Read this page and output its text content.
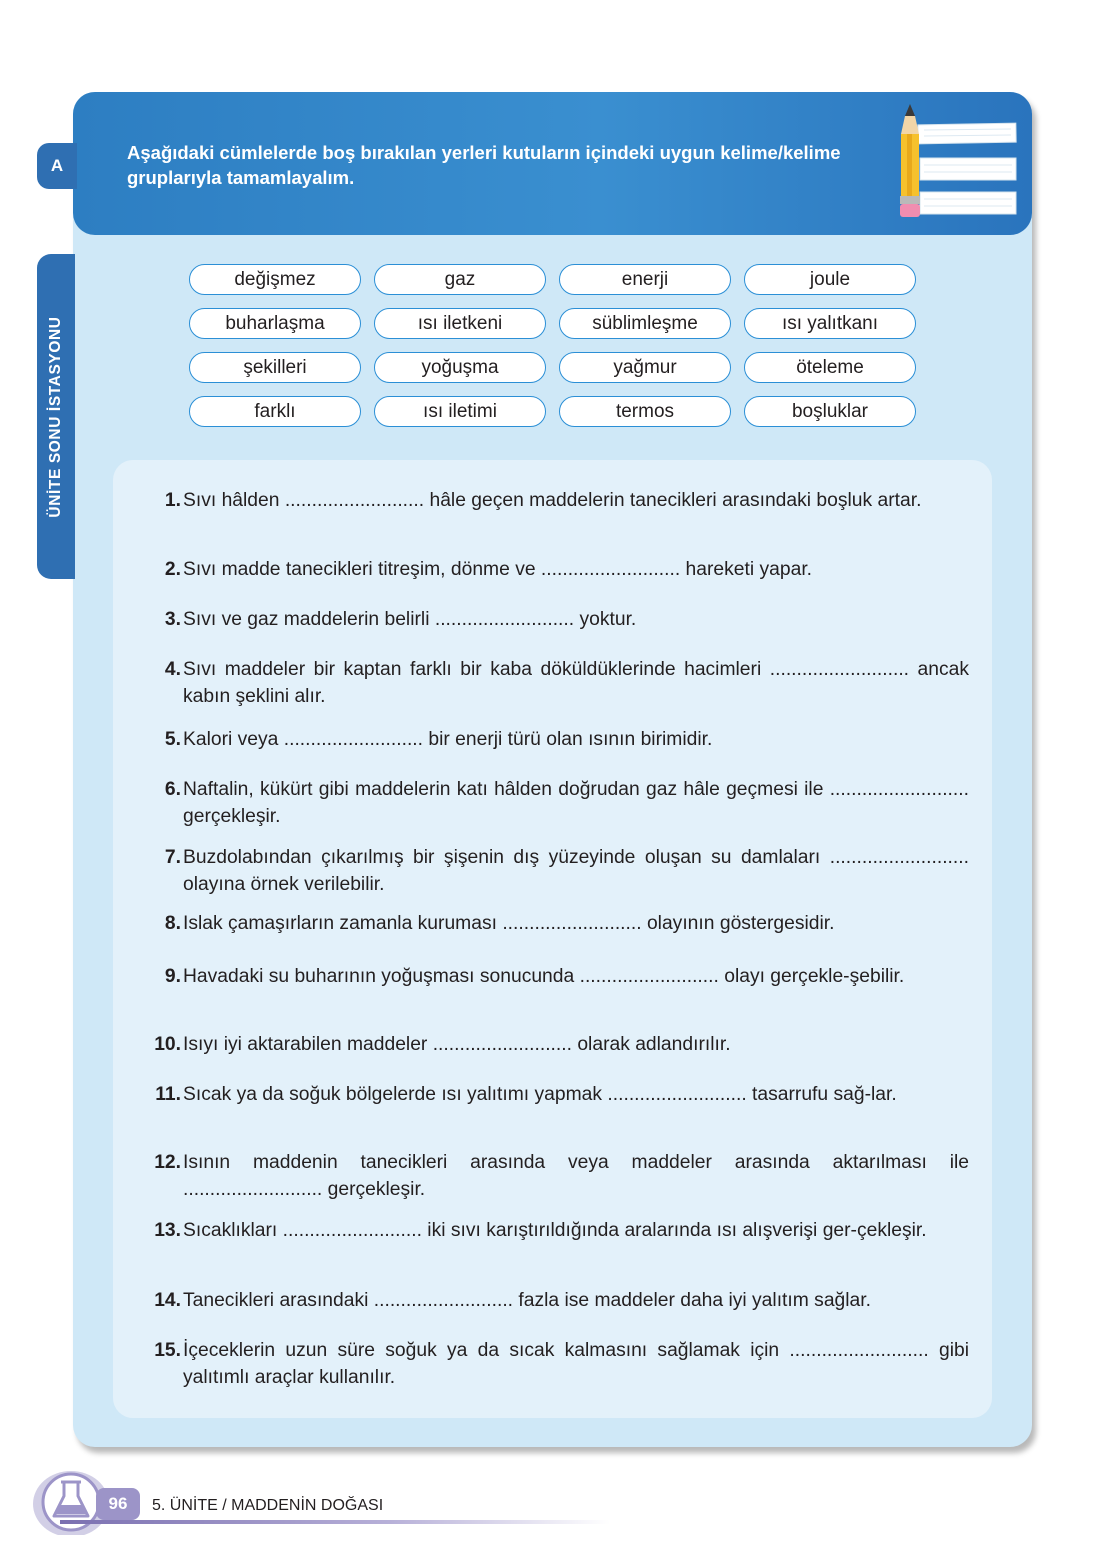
A
Aşağıdaki cümlelerde boş bırakılan yerleri kutuların içindeki uygun kelime/kelime gruplarıyla tamamlayalım.
ÜNİTE SONU İSTASYONU
değişmez	gaz	enerji	joule
buharlaşma	ısı iletkeni	süblimleşme	ısı yalıtkanı
şekilleri	yoğuşma	yağmur	öteleme
farklı	ısı iletimi	termos	boşluklar
1. Sıvı hâlden .......................... hâle geçen maddelerin tanecikleri arasındaki boşluk artar.
2. Sıvı madde tanecikleri titreşim, dönme ve .......................... hareketi yapar.
3. Sıvı ve gaz maddelerin belirli .......................... yoktur.
4. Sıvı maddeler bir kaptan farklı bir kaba döküldüklerinde hacimleri .......................... ancak kabın şeklini alır.
5. Kalori veya .......................... bir enerji türü olan ısının birimidir.
6. Naftalin, kükürt gibi maddelerin katı hâlden doğrudan gaz hâle geçmesi ile .......................... gerçekleşir.
7. Buzdolabından çıkarılmış bir şişenin dış yüzeyinde oluşan su damlaları .......................... olayına örnek verilebilir.
8. Islak çamaşırların zamanla kuruması .......................... olayının göstergesidir.
9. Havadaki su buharının yoğuşması sonucunda .......................... olayı gerçekle-şebilir.
10. Isıyı iyi aktarabilen maddeler .......................... olarak adlandırılır.
11. Sıcak ya da soğuk bölgelerde ısı yalıtımı yapmak .......................... tasarrufu sağ-lar.
12. Isının maddenin tanecikleri arasında veya maddeler arasında aktarılması ile .......................... gerçekleşir.
13. Sıcaklıkları .......................... iki sıvı karıştırıldığında aralarında ısı alışverişi ger-çekleşir.
14. Tanecikleri arasındaki .......................... fazla ise maddeler daha iyi yalıtım sağlar.
15. İçeceklerin uzun süre soğuk ya da sıcak kalmasını sağlamak için .......................... gibi yalıtımlı araçlar kullanılır.
96	5. ÜNİTE / MADDENİN DOĞASI
